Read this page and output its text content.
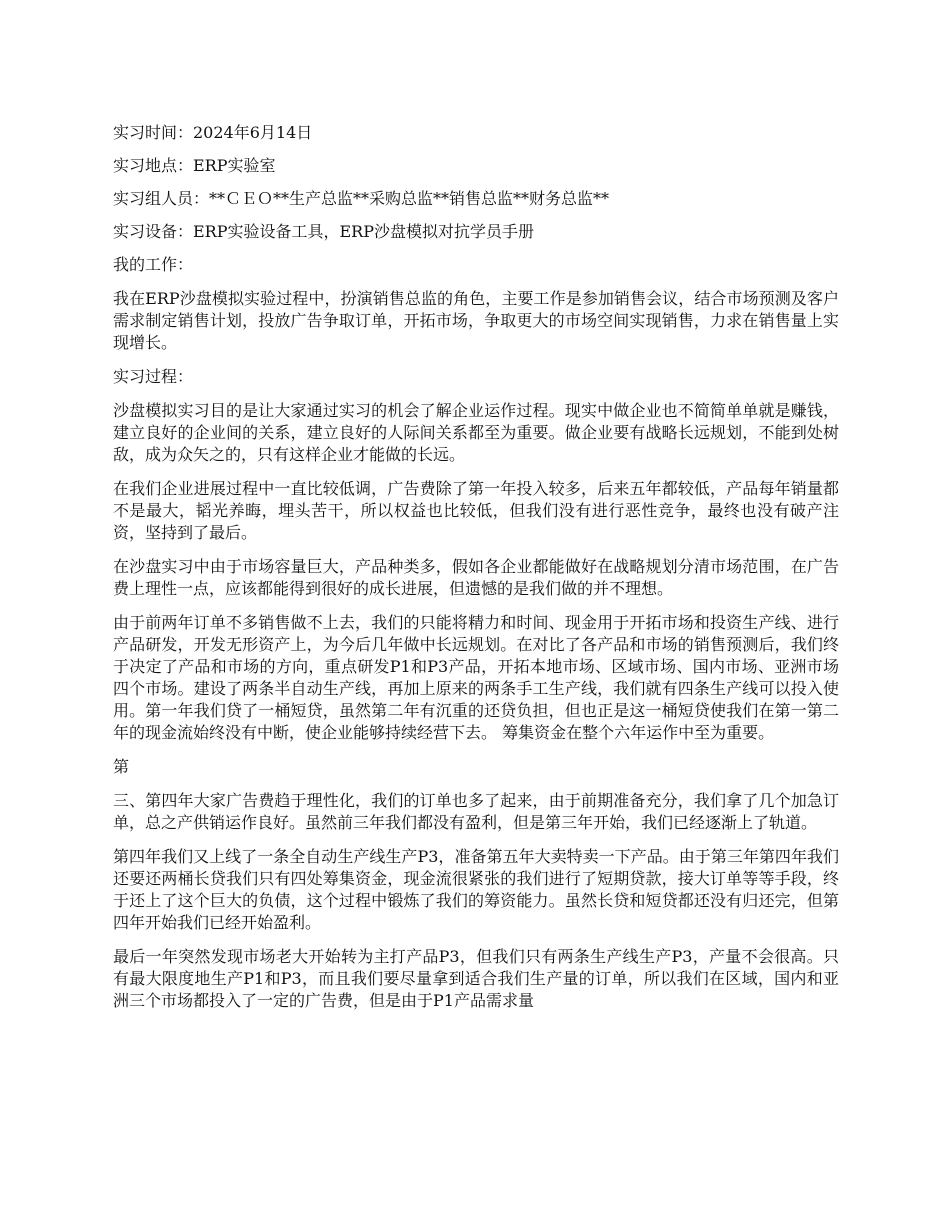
实习时间：2024年6月14日

实习地点：ERP实验室

实习组人员：**ＣＥＯ**生产总监**采购总监**销售总监**财务总监**

实习设备：ERP实验设备工具，ERP沙盘模拟对抗学员手册

我的工作：

我在ERP沙盘模拟实验过程中，扮演销售总监的角色，主要工作是参加销售会议，结合市场预测及客户需求制定销售计划，投放广告争取订单，开拓市场，争取更大的市场空间实现销售，力求在销售量上实现增长。

实习过程：

沙盘模拟实习目的是让大家通过实习的机会了解企业运作过程。现实中做企业也不简简单单就是赚钱，建立良好的企业间的关系，建立良好的人际间关系都至为重要。做企业要有战略长远规划，不能到处树敌，成为众矢之的，只有这样企业才能做的长远。

在我们企业进展过程中一直比较低调，广告费除了第一年投入较多，后来五年都较低，产品每年销量都不是最大，韬光养晦，埋头苦干，所以权益也比较低，但我们没有进行恶性竞争，最终也没有破产注资，坚持到了最后。

在沙盘实习中由于市场容量巨大，产品种类多，假如各企业都能做好在战略规划分清市场范围，在广告费上理性一点，应该都能得到很好的成长进展，但遗憾的是我们做的并不理想。

由于前两年订单不多销售做不上去，我们的只能将精力和时间、现金用于开拓市场和投资生产线、进行产品研发，开发无形资产上，为今后几年做中长远规划。在对比了各产品和市场的销售预测后，我们终于决定了产品和市场的方向，重点研发P1和P3产品，开拓本地市场、区域市场、国内市场、亚洲市场四个市场。建设了两条半自动生产线，再加上原来的两条手工生产线，我们就有四条生产线可以投入使用。第一年我们贷了一桶短贷，虽然第二年有沉重的还贷负担，但也正是这一桶短贷使我们在第一第二年的现金流始终没有中断，使企业能够持续经营下去。 筹集资金在整个六年运作中至为重要。

第

三、第四年大家广告费趋于理性化，我们的订单也多了起来，由于前期准备充分，我们拿了几个加急订单，总之产供销运作良好。虽然前三年我们都没有盈利，但是第三年开始，我们已经逐渐上了轨道。

第四年我们又上线了一条全自动生产线生产P3，准备第五年大卖特卖一下产品。由于第三年第四年我们还要还两桶长贷我们只有四处筹集资金，现金流很紧张的我们进行了短期贷款，接大订单等等手段，终于还上了这个巨大的负债，这个过程中锻炼了我们的筹资能力。虽然长贷和短贷都还没有归还完，但第四年开始我们已经开始盈利。

最后一年突然发现市场老大开始转为主打产品P3，但我们只有两条生产线生产P3，产量不会很高。只有最大限度地生产P1和P3，而且我们要尽量拿到适合我们生产量的订单，所以我们在区域，国内和亚洲三个市场都投入了一定的广告费，但是由于P1产品需求量
